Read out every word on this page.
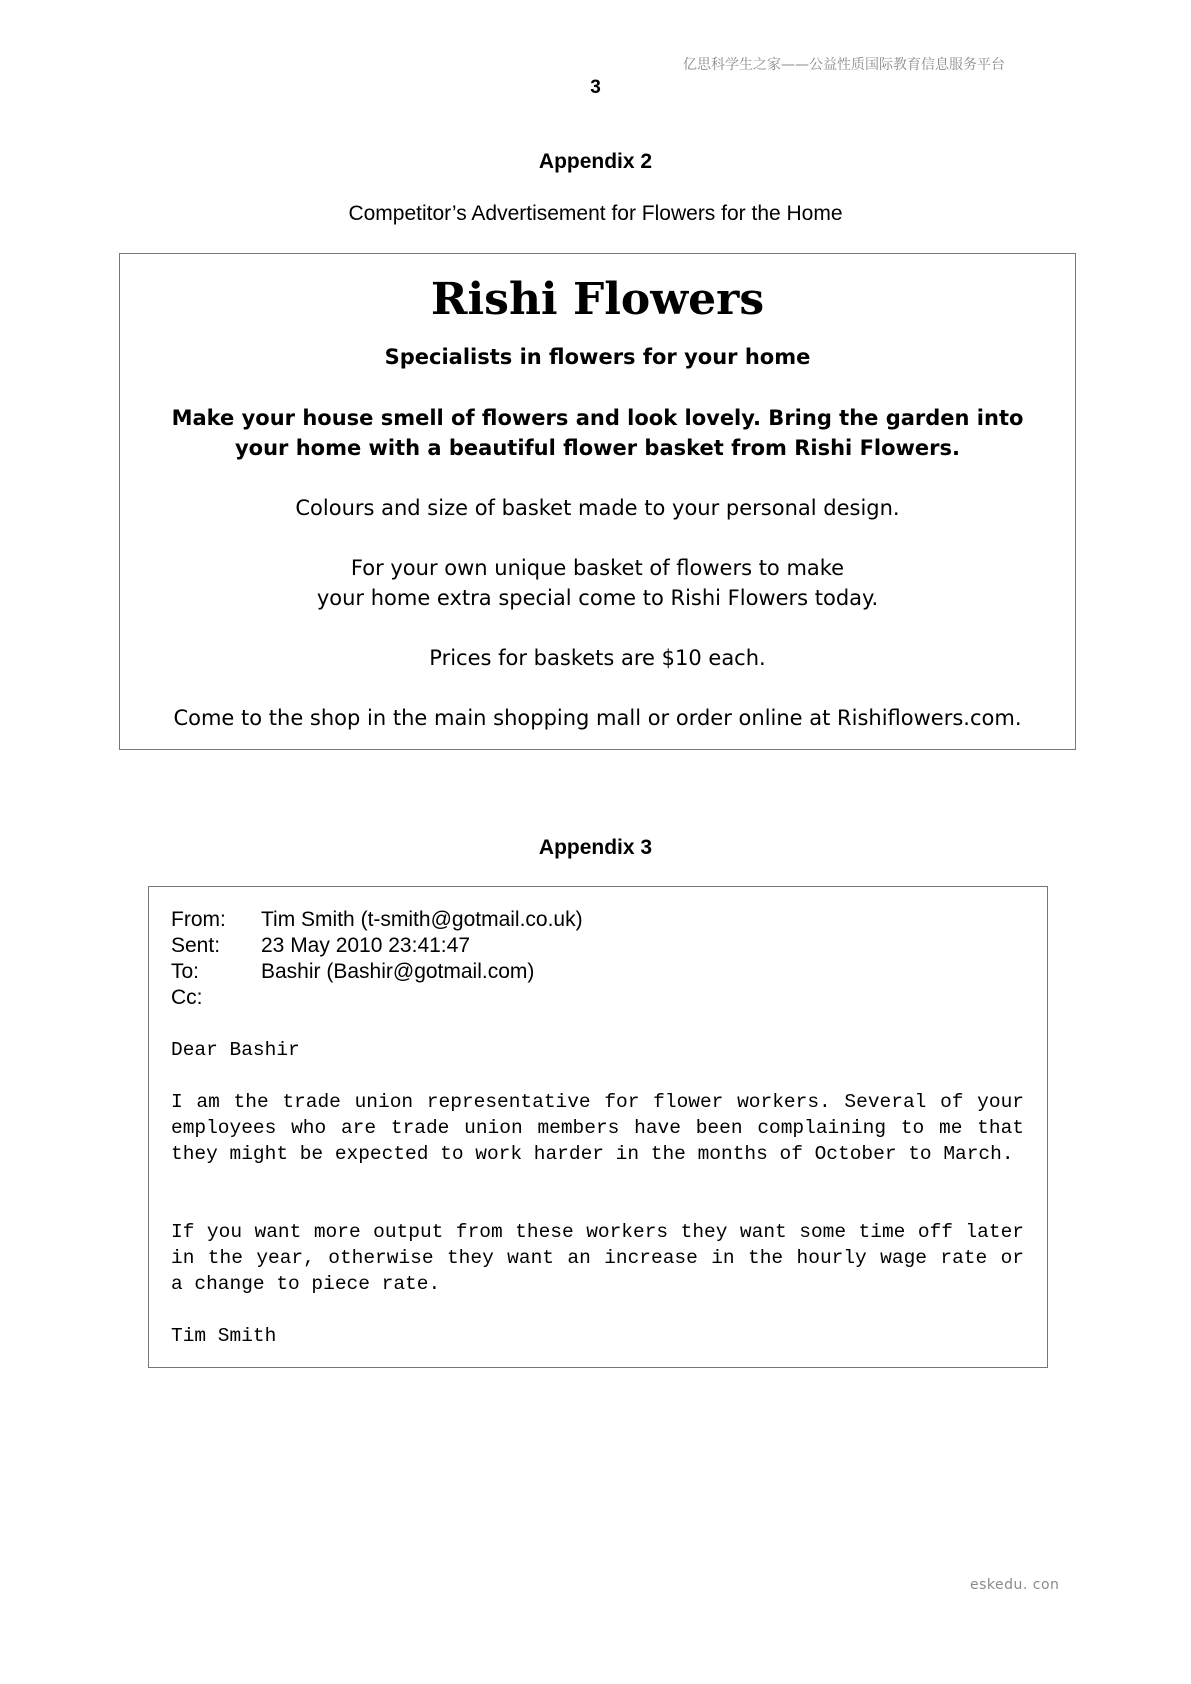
亿思科学生之家——公益性质国际教育信息服务平台
3
Appendix 2
Competitor’s Advertisement for Flowers for the Home
Rishi Flowers
Specialists in flowers for your home
Make your house smell of flowers and look lovely. Bring the garden into
your home with a beautiful flower basket from Rishi Flowers.
Colours and size of basket made to your personal design.
For your own unique basket of flowers to make
your home extra special come to Rishi Flowers today.
Prices for baskets are $10 each.
Come to the shop in the main shopping mall or order online at Rishiflowers.com.
Appendix 3
From: Tim Smith (t-smith@gotmail.co.uk)
Sent: 23 May 2010 23:41:47
To:	Bashir (Bashir@gotmail.com)
Cc:
Dear Bashir
I am the trade union representative for flower workers. Several of your employees who are trade union members have been complaining to me that they might be expected to work harder in the months of October to March.
If you want more output from these workers they want some time off later in the year, otherwise they want an increase in the hourly wage rate or a change to piece rate.
Tim Smith
eskedu. con
